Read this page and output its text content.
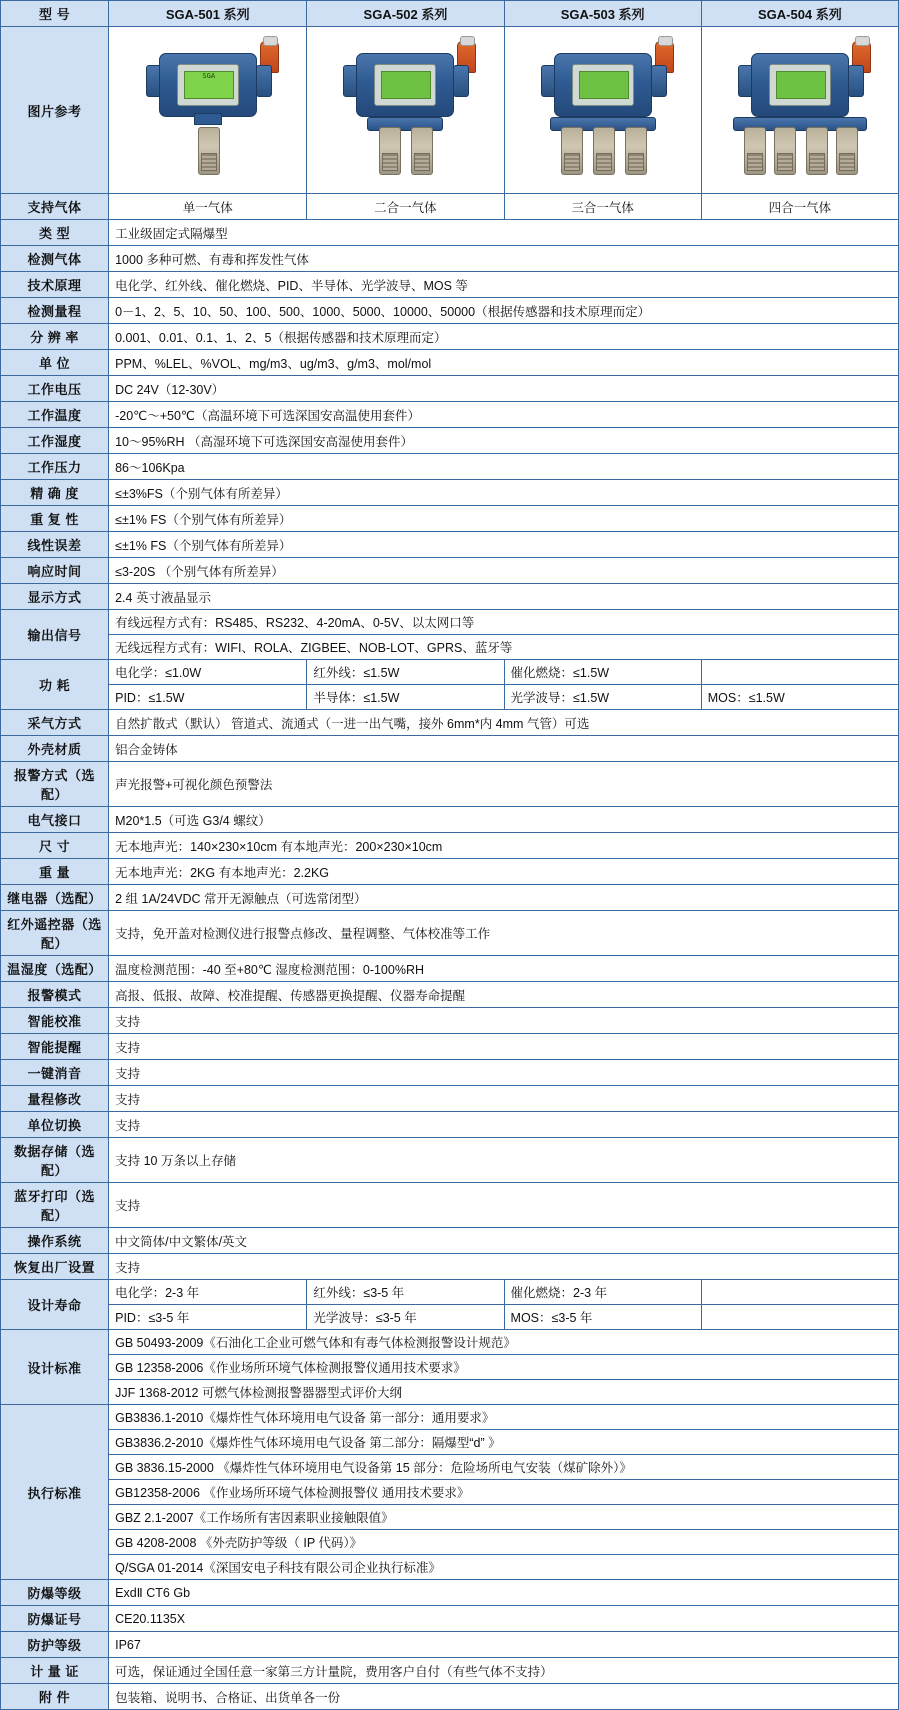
型 号	SGA-501 系列	SGA-502 系列	SGA-503 系列	SGA-504 系列
图片参考	SGA			

支持气体	单一气体	二合一气体	三合一气体	四合一气体
类 型	工业级固定式隔爆型			
检测气体	1000 多种可燃、有毒和挥发性气体			
技术原理	电化学、红外线、催化燃烧、PID、半导体、光学波导、MOS 等			
检测量程	0－1、2、5、10、50、100、500、1000、5000、10000、50000（根据传感器和技术原理而定）			
分 辨 率	0.001、0.01、0.1、1、2、5（根据传感器和技术原理而定）			
单 位	PPM、%LEL、%VOL、mg/m3、ug/m3、g/m3、mol/mol			
工作电压	DC 24V（12-30V）			
工作温度	-20℃～+50℃（高温环境下可选深国安高温使用套件）			
工作湿度	10～95%RH （高湿环境下可选深国安高湿使用套件）			
工作压力	86～106Kpa			
精 确 度	≤±3%FS（个别气体有所差异）			
重 复 性	≤±1% FS（个别气体有所差异）			
线性误差	≤±1% FS（个别气体有所差异）			
响应时间	≤3-20S （个别气体有所差异）			
显示方式	2.4 英寸液晶显示			
输出信号	有线远程方式有：RS485、RS232、4-20mA、0-5V、以太网口等			
	无线远程方式有：WIFI、ROLA、ZIGBEE、NOB-LOT、GPRS、蓝牙等			
功 耗	电化学：≤1.0W	红外线：≤1.5W	催化燃烧：≤1.5W	
	PID：≤1.5W	半导体：≤1.5W	光学波导：≤1.5W	MOS：≤1.5W
采气方式	自然扩散式（默认） 管道式、流通式（一进一出气嘴，接外 6mm*内 4mm 气管）可选			
外壳材质	铝合金铸体			
报警方式（选配）	声光报警+可视化颜色预警法			
电气接口	M20*1.5（可选 G3/4 螺纹）			
尺 寸	无本地声光：140×230×10cm 有本地声光：200×230×10cm			
重 量	无本地声光：2KG 有本地声光：2.2KG			
继电器（选配）	2 组 1A/24VDC 常开无源触点（可选常闭型）			
红外遥控器（选配）	支持，免开盖对检测仪进行报警点修改、量程调整、气体校准等工作			
温湿度（选配）	温度检测范围：-40 至+80℃ 湿度检测范围：0-100%RH			
报警模式	高报、低报、故障、校准提醒、传感器更换提醒、仪器寿命提醒			
智能校准	支持			
智能提醒	支持			
一键消音	支持			
量程修改	支持			
单位切换	支持			
数据存储（选配）	支持 10 万条以上存储			
蓝牙打印（选配）	支持			
操作系统	中文简体/中文繁体/英文			
恢复出厂设置	支持			
设计寿命	电化学：2-3 年	红外线：≤3-5 年	催化燃烧：2-3 年	
	PID：≤3-5 年	光学波导：≤3-5 年	MOS：≤3-5 年	
设计标准	GB 50493-2009《石油化工企业可燃气体和有毒气体检测报警设计规范》			
	GB 12358-2006《作业场所环境气体检测报警仪通用技术要求》			
	JJF 1368-2012 可燃气体检测报警器器型式评价大纲			
执行标准	GB3836.1-2010《爆炸性气体环境用电气设备 第一部分：通用要求》			
	GB3836.2-2010《爆炸性气体环境用电气设备 第二部分：隔爆型“d” 》			
	GB 3836.15-2000 《爆炸性气体环境用电气设备第 15 部分：危险场所电气安装（煤矿除外）》			
	GB12358-2006 《作业场所环境气体检测报警仪 通用技术要求》			
	GBZ 2.1-2007《工作场所有害因素职业接触限值》			
	GB 4208-2008 《外壳防护等级（ IP 代码）》			
	Q/SGA 01-2014《深国安电子科技有限公司企业执行标准》			
防爆等级	ExdⅡ CT6 Gb			
防爆证号	CE20.1135X			
防护等级	IP67			
计 量 证	可选，保证通过全国任意一家第三方计量院，费用客户自付（有些气体不支持）			
附 件	包装箱、说明书、合格证、出货单各一份			
